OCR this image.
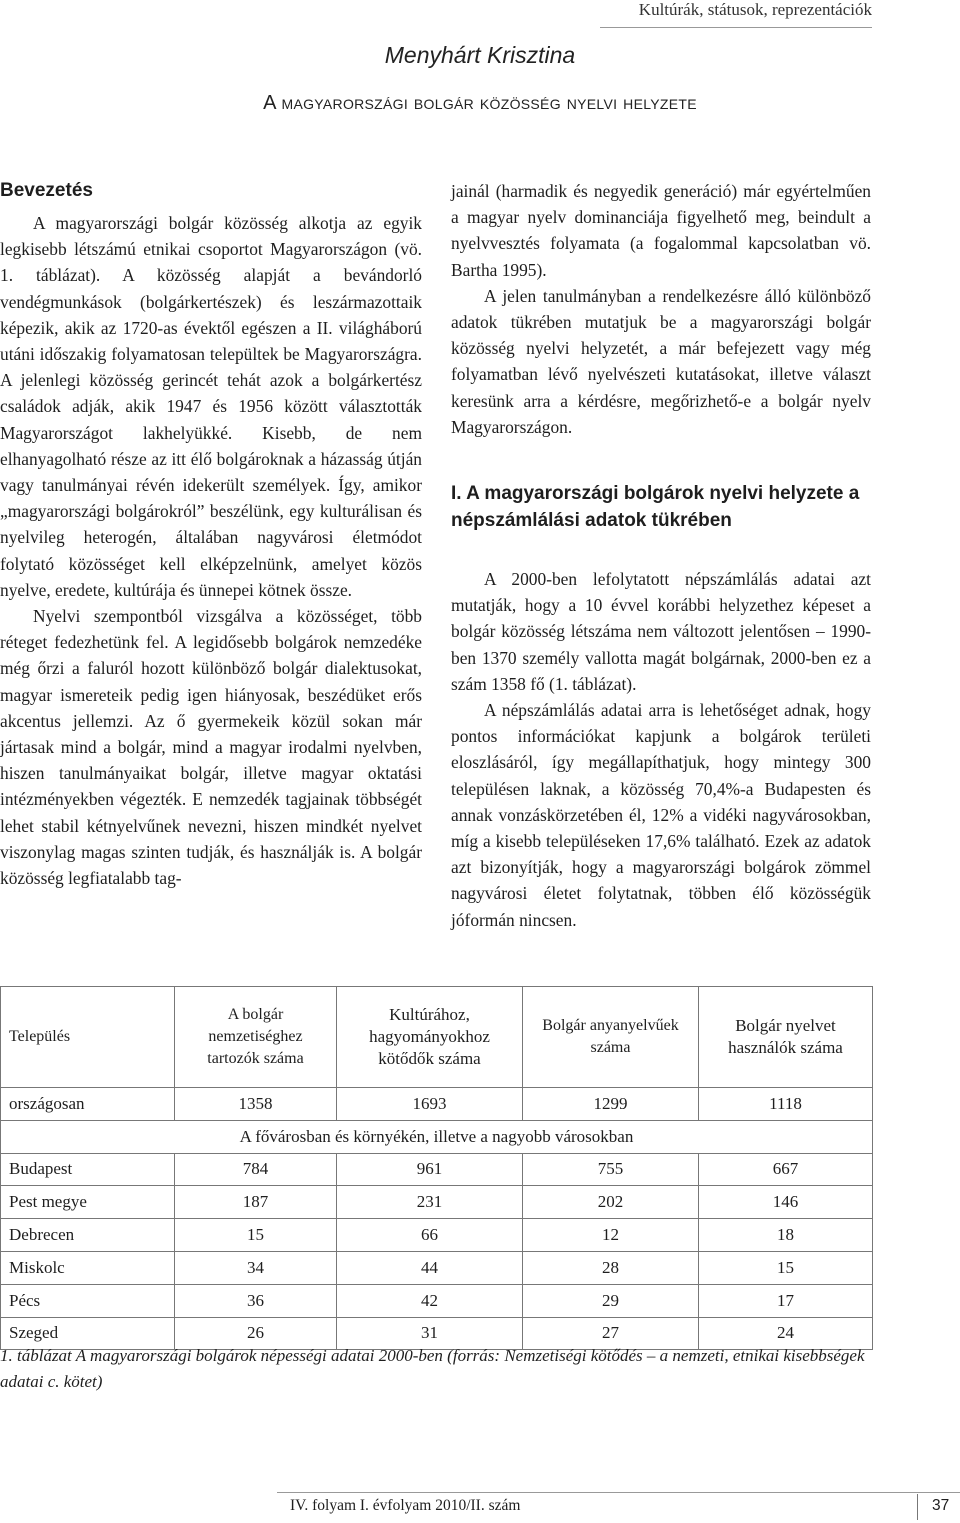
Kultúrák, státusok, reprezentációk
Menyhárt Krisztina
A magyarországi bolgár közösség nyelvi helyzete
Bevezetés

A magyarországi bolgár közösség alkotja az egyik legkisebb létszámú etnikai csoportot Magyarországon (vö. 1. táblázat). A közösség alapját a bevándorló vendégmunkások (bolgárkertészek) és leszármazottaik képezik, akik az 1720-as évektől egészen a II. világháború utáni időszakig folyamatosan települtek be Magyarországra. A jelenlegi közösség gerincét tehát azok a bolgárkertész családok adják, akik 1947 és 1956 között választották Magyarországot lakhelyükké. Kisebb, de nem elhanyagolható része az itt élő bolgároknak a házasság útján vagy tanulmányai révén idekerült személyek. Így, amikor „magyarországi bolgárokról” beszélünk, egy kulturálisan és nyelvileg heterogén, általában nagyvárosi életmódot folytató közösséget kell elképzelnünk, amelyet közös nyelve, eredete, kultúrája és ünnepei kötnek össze.

Nyelvi szempontból vizsgálva a közösséget, több réteget fedezhetünk fel. A legidősebb bolgárok nemzedéke még őrzi a faluról hozott különböző bolgár dialektusokat, magyar ismereteik pedig igen hiányosak, beszédüket erős akcentus jellemzi. Az ő gyermekeik közül sokan már jártasak mind a bolgár, mind a magyar irodalmi nyelvben, hiszen tanulmányaikat bolgár, illetve magyar oktatási intézményekben végezték. E nemzedék tagjainak többségét lehet stabil kétnyelvűnek nevezni, hiszen mindkét nyelvet viszonylag magas szinten tudják, és használják is. A bolgár közösség legfiatalabb tag-

jainál (harmadik és negyedik generáció) már egyértelműen a magyar nyelv dominanciája figyelhető meg, beindult a nyelvvesztés folyamata (a fogalommal kapcsolatban vö. Bartha 1995).

A jelen tanulmányban a rendelkezésre álló különböző adatok tükrében mutatjuk be a magyarországi bolgár közösség nyelvi helyzetét, a már befejezett vagy még folyamatban lévő nyelvészeti kutatásokat, illetve választ keresünk arra a kérdésre, megőrizhető-e a bolgár nyelv Magyarországon.

I. A magyarországi bolgárok nyelvi helyzete a népszámlálási adatok tükrében

A 2000-ben lefolytatott népszámlálás adatai azt mutatják, hogy a 10 évvel korábbi helyzethez képeset a bolgár közösség létszáma nem változott jelentősen – 1990-ben 1370 személy vallotta magát bolgárnak, 2000-ben ez a szám 1358 fő (1. táblázat).

A népszámlálás adatai arra is lehetőséget adnak, hogy pontos információkat kapjunk a bolgárok területi eloszlásáról, így megállapíthatjuk, hogy mintegy 300 településen laknak, a közösség 70,4%-a Budapesten és annak vonzáskörzetében él, 12% a vidéki nagyvárosokban, míg a kisebb településeken 17,6% található. Ezek az adatok azt bizonyítják, hogy a magyarországi bolgárok zömmel nagyvárosi életet folytatnak, többen élő közösségük jóformán nincsen.

Település	A bolgár nemzetiséghez tartozók száma	Kultúrához, hagyományokhoz kötődők száma	Bolgár anyanyelvűek száma	Bolgár nyelvet használók száma
országosan	1358	1693	1299	1118
A fővárosban és környékén, illetve a nagyobb városokban				
Budapest	784	961	755	667
Pest megye	187	231	202	146
Debrecen	15	66	12	18
Miskolc	34	44	28	15
Pécs	36	42	29	17
Szeged	26	31	27	24
1. táblázat A magyarországi bolgárok népességi adatai 2000-ben (forrás: Nemzetiségi kötődés – a nemzeti, etnikai kisebbségek adatai c. kötet)
IV. folyam I. évfolyam 2010/II. szám	37
